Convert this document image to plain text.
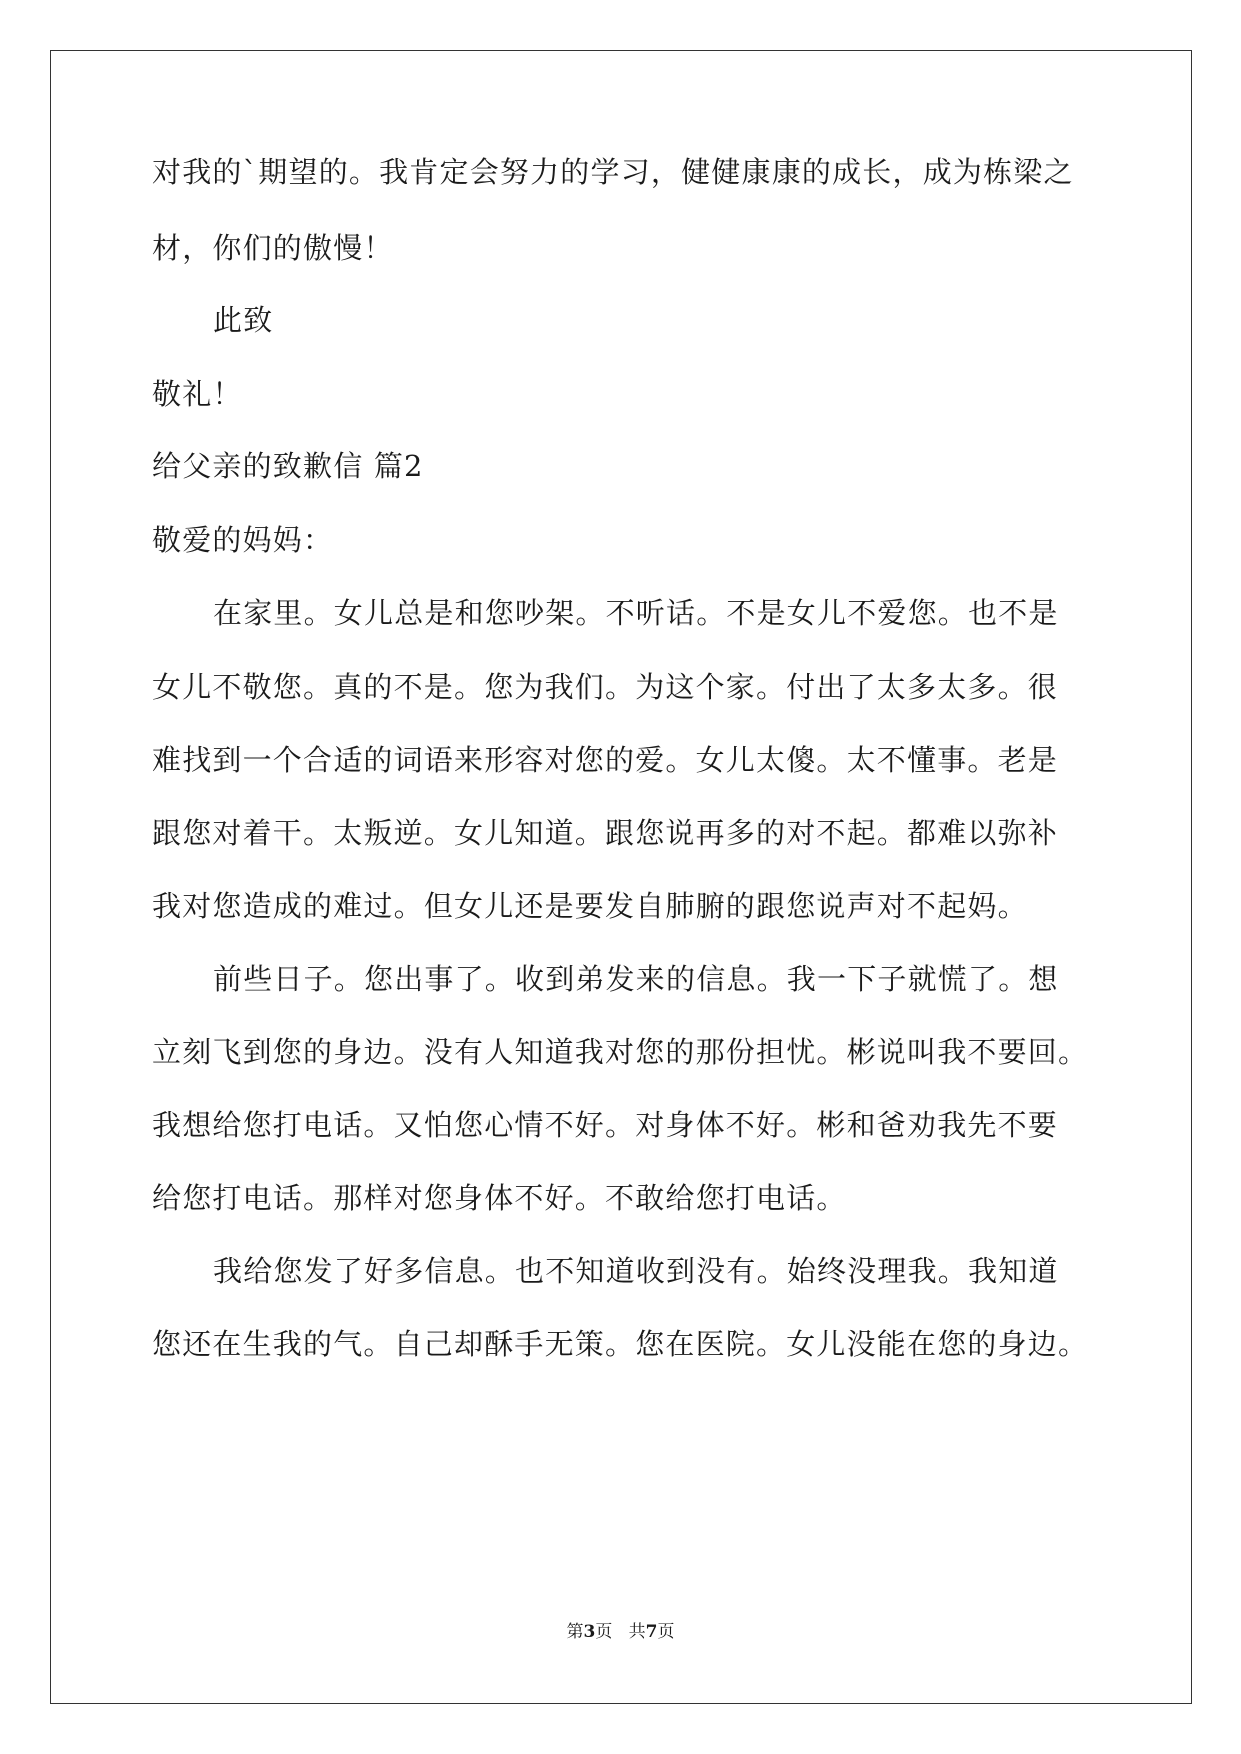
对我的`期望的。我肯定会努力的学习，健健康康的成长，成为栋梁之
材，你们的傲慢！
此致
敬礼！
给父亲的致歉信 篇2
敬爱的妈妈：
在家里。女儿总是和您吵架。不听话。不是女儿不爱您。也不是
女儿不敬您。真的不是。您为我们。为这个家。付出了太多太多。很
难找到一个合适的词语来形容对您的爱。女儿太傻。太不懂事。老是
跟您对着干。太叛逆。女儿知道。跟您说再多的对不起。都难以弥补
我对您造成的难过。但女儿还是要发自肺腑的跟您说声对不起妈。
前些日子。您出事了。收到弟发来的信息。我一下子就慌了。想
立刻飞到您的身边。没有人知道我对您的那份担忧。彬说叫我不要回。
我想给您打电话。又怕您心情不好。对身体不好。彬和爸劝我先不要
给您打电话。那样对您身体不好。不敢给您打电话。
我给您发了好多信息。也不知道收到没有。始终没理我。我知道
您还在生我的气。自己却酥手无策。您在医院。女儿没能在您的身边。
第3页   共7页
